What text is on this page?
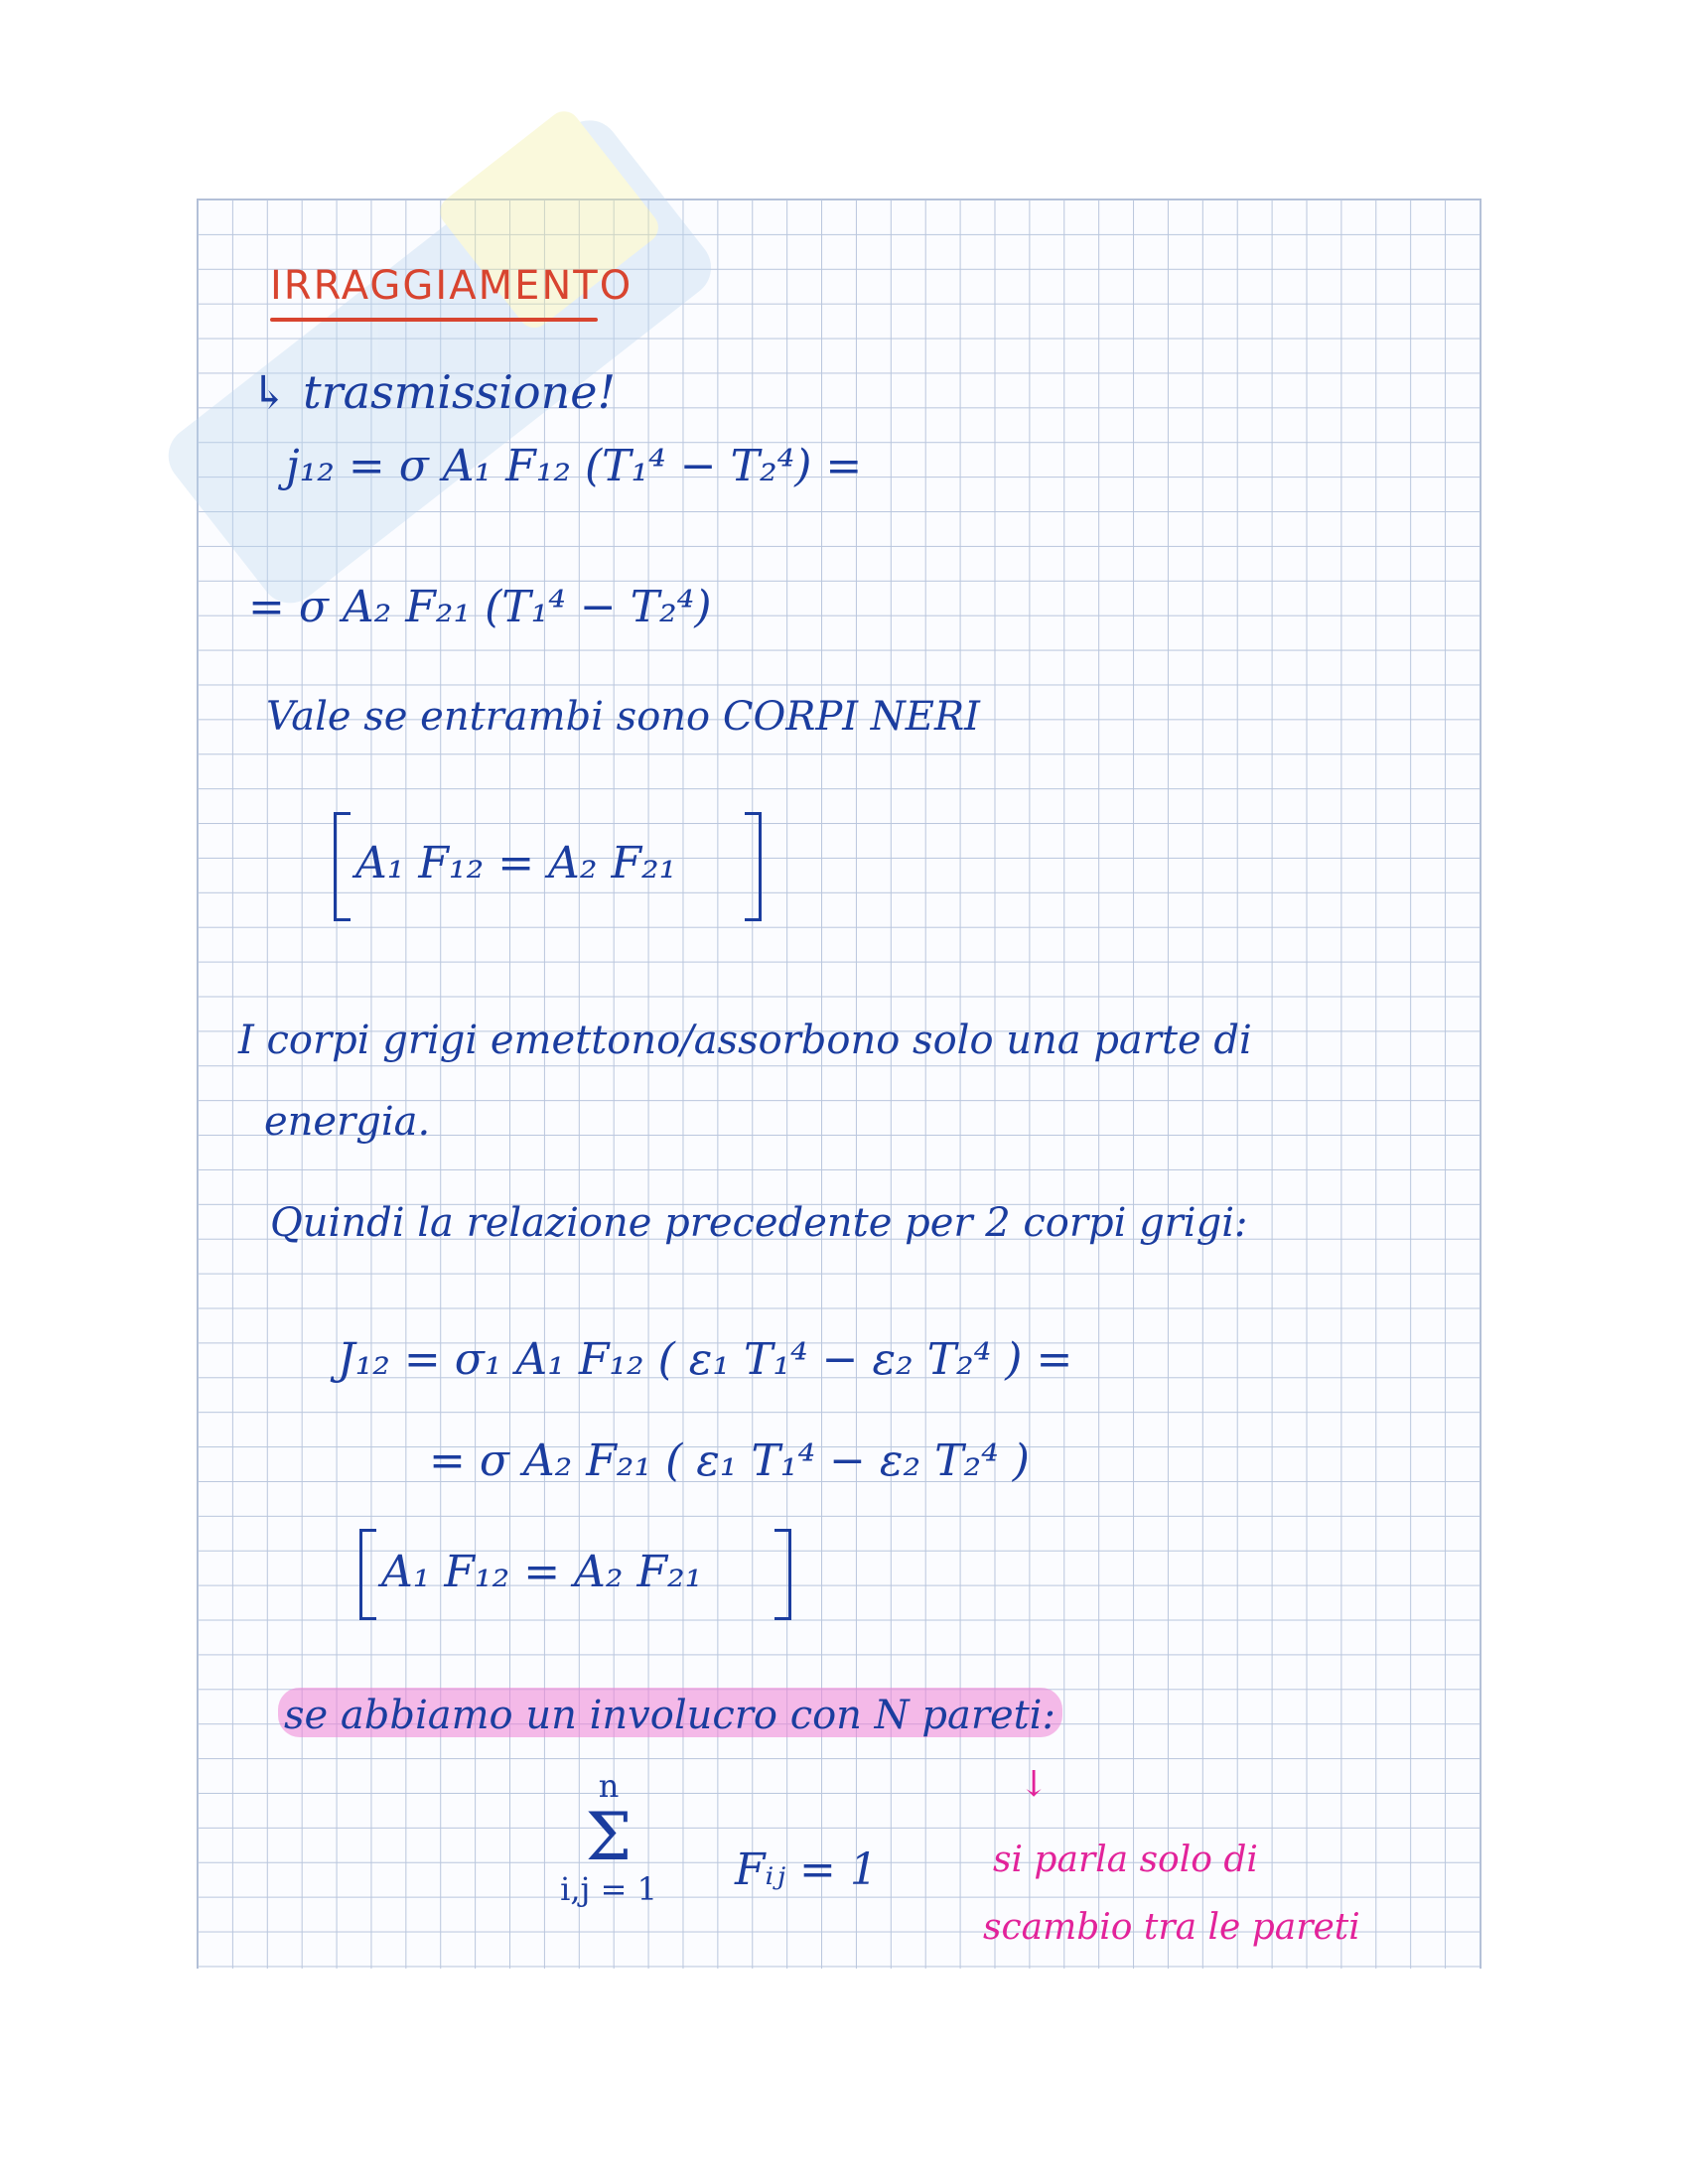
IRRAGGIAMENTO
↳ trasmissione!
j₁₂ = σ A₁ F₁₂ (T₁⁴ − T₂⁴) =
= σ A₂ F₂₁ (T₁⁴ − T₂⁴)
Vale se entrambi sono CORPI NERI
A₁ F₁₂ = A₂ F₂₁
I corpi grigi emettono/assorbono solo una parte di
energia.
Quindi la relazione precedente per 2 corpi grigi:
J₁₂ = σ₁ A₁ F₁₂ ( ε₁ T₁⁴ − ε₂ T₂⁴ ) =
= σ A₂ F₂₁ ( ε₁ T₁⁴ − ε₂ T₂⁴ )
A₁ F₁₂ = A₂ F₂₁
se abbiamo un involucro con N pareti:
n
Σ
i,j = 1 Fᵢⱼ = 1
↓
si parla solo di
scambio tra le pareti
